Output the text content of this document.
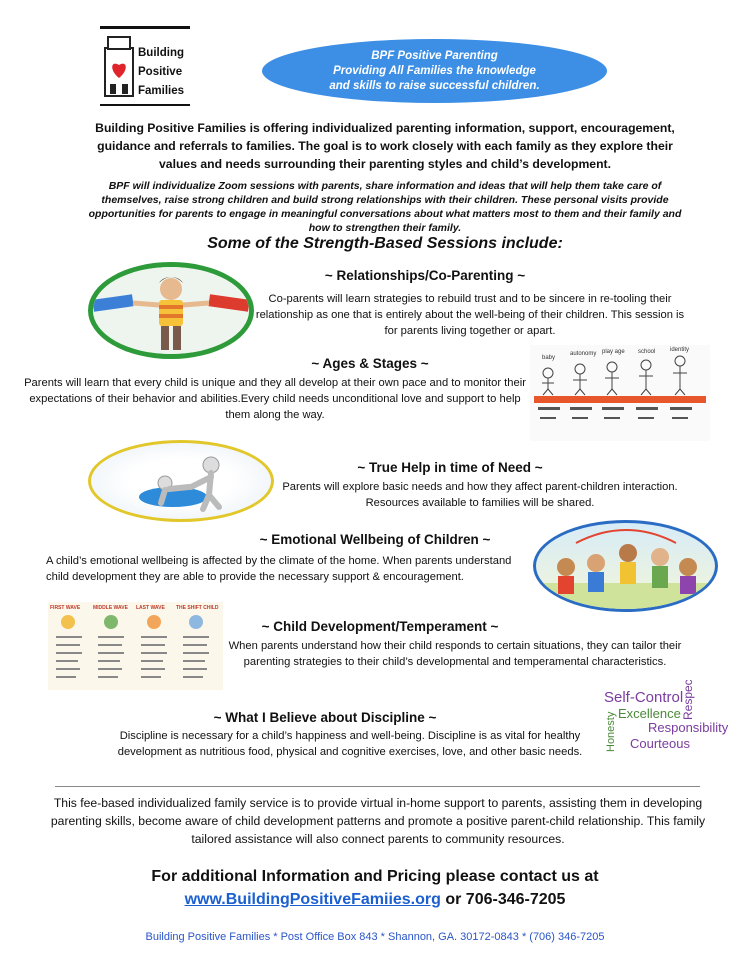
Building
Positive
Families
BPF Positive Parenting
Providing All Families the knowledge
and skills to raise successful children.
Building Positive Families is offering individualized parenting information, support, encouragement, guidance and referrals to families. The goal is to work closely with each family as they explore their values and needs surrounding their parenting styles and child’s development.
BPF will individualize Zoom sessions with parents, share information and ideas that will help them take care of themselves, raise strong children and build strong relationships with their children. These personal visits provide opportunities for parents to engage in meaningful conversations about what matters most to them and their family and how to strengthen their family.
Some of the Strength-Based Sessions include:
~ Relationships/Co-Parenting ~
Co-parents will learn strategies to rebuild trust and to be sincere in re-tooling their relationship as one that is entirely about the well-being of their children. This session is for parents living together or apart.
~ Ages & Stages ~
Parents will learn that every child is unique and they all develop at their own pace and to monitor their expectations of their behavior and abilities.Every child needs unconditional love and support to help them along the way.
baby
autonomy play age school identity
~ True Help in time of Need ~
Parents will explore basic needs and how they affect parent-children interaction. Resources available to families will be shared.
~ Emotional Wellbeing of Children ~
A child’s emotional wellbeing is affected by the climate of the home. When parents understand child development they are able to provide the necessary support & encouragement.
FIRST WAVE	MIDDLE WAVE LAST WAVE THE SHIFT CHILD
~ Child Development/Temperament ~
When parents understand how their child responds to certain situations, they can tailor their parenting strategies to their child’s developmental and temperamental characteristics.
~ What I Believe about Discipline ~
Discipline is necessary for a child’s happiness and well-being. Discipline is as vital for healthy development as nutritious food, physical and cognitive exercises, love, and other basic needs.
Self-Control
Respect
Excellence
Honesty Responsibility
Courteous
This fee-based individualized family service is to provide virtual in-home support to parents, assisting them in developing parenting skills, become aware of child development patterns and promote a positive parent-child relationship. This family tailored assistance will also connect parents to community resources.
For additional Information and Pricing please contact us at
www.BuildingPositiveFamiies.org or 706-346-7205
Building Positive Families * Post Office Box 843 * Shannon, GA. 30172-0843 * (706) 346-7205
